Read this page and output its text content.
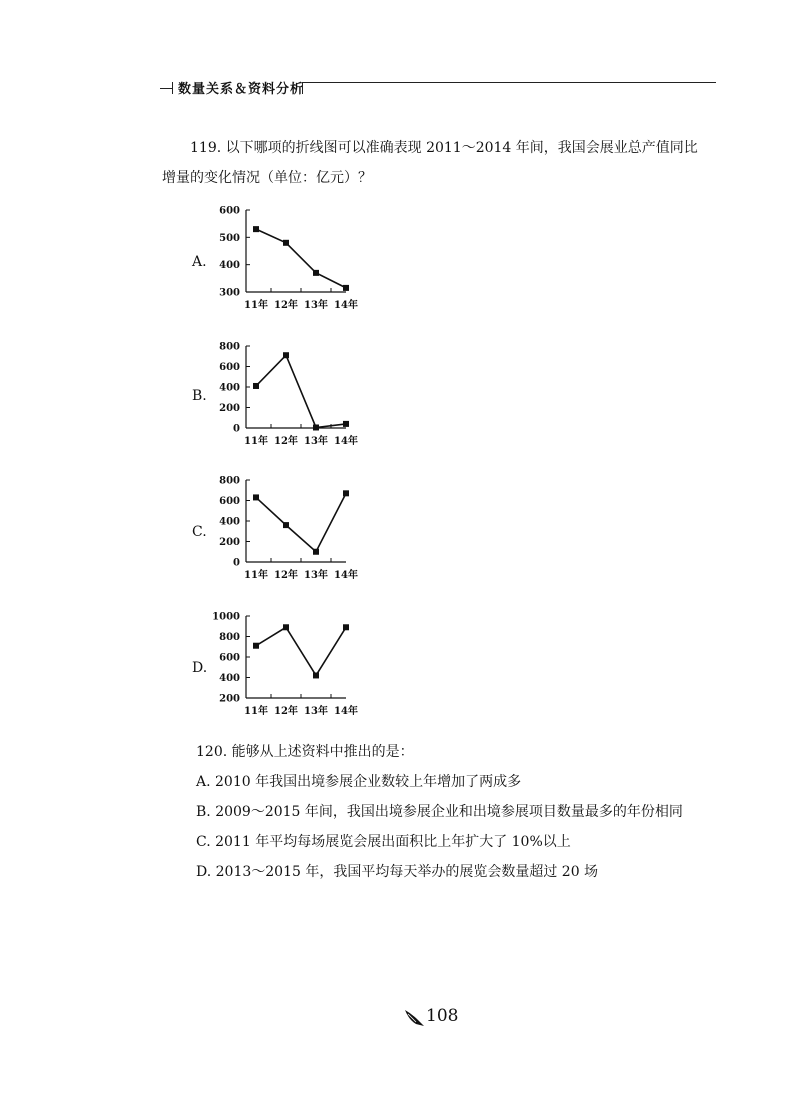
数量关系＆资料分析
119. 以下哪项的折线图可以准确表现 2011～2014 年间，我国会展业总产值同比
增量的变化情况（单位：亿元）？
A.
300
400
500
600
11年 12年 13年 14年
B.
0
200
400
600
800
11年 12年 13年 14年
C.
0
200
400
600
800
11年 12年 13年 14年
D.
200
400
600
800
1000
11年 12年 13年 14年
120. 能够从上述资料中推出的是：
A. 2010 年我国出境参展企业数较上年增加了两成多
B. 2009～2015 年间，我国出境参展企业和出境参展项目数量最多的年份相同
C. 2011 年平均每场展览会展出面积比上年扩大了 10%以上
D. 2013～2015 年，我国平均每天举办的展览会数量超过 20 场
108
